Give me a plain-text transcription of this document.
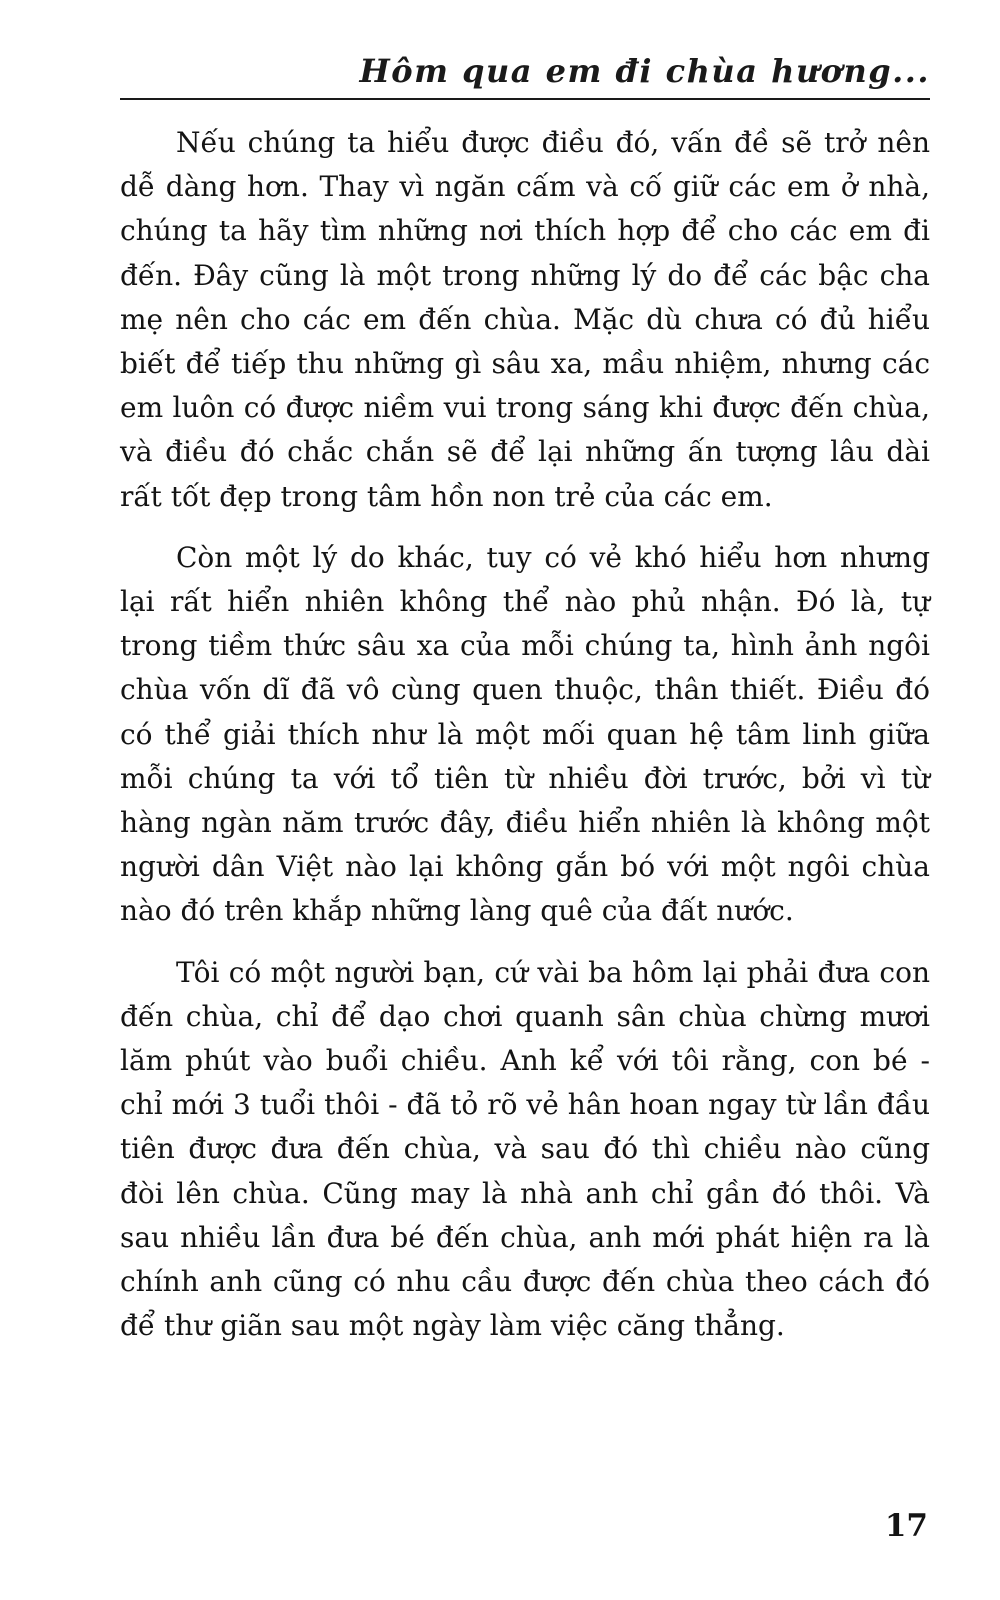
Hôm qua em đi chùa hương...

Nếu chúng ta hiểu được điều đó, vấn đề sẽ trở nên dễ dàng hơn. Thay vì ngăn cấm và cố giữ các em ở nhà, chúng ta hãy tìm những nơi thích hợp để cho các em đi đến. Đây cũng là một trong những lý do để các bậc cha mẹ nên cho các em đến chùa. Mặc dù chưa có đủ hiểu biết để tiếp thu những gì sâu xa, mầu nhiệm, nhưng các em luôn có được niềm vui trong sáng khi được đến chùa, và điều đó chắc chắn sẽ để lại những ấn tượng lâu dài rất tốt đẹp trong tâm hồn non trẻ của các em.

Còn một lý do khác, tuy có vẻ khó hiểu hơn nhưng lại rất hiển nhiên không thể nào phủ nhận. Đó là, tự trong tiềm thức sâu xa của mỗi chúng ta, hình ảnh ngôi chùa vốn dĩ đã vô cùng quen thuộc, thân thiết. Điều đó có thể giải thích như là một mối quan hệ tâm linh giữa mỗi chúng ta với tổ tiên từ nhiều đời trước, bởi vì từ hàng ngàn năm trước đây, điều hiển nhiên là không một người dân Việt nào lại không gắn bó với một ngôi chùa nào đó trên khắp những làng quê của đất nước.

Tôi có một người bạn, cứ vài ba hôm lại phải đưa con đến chùa, chỉ để dạo chơi quanh sân chùa chừng mươi lăm phút vào buổi chiều. Anh kể với tôi rằng, con bé - chỉ mới 3 tuổi thôi - đã tỏ rõ vẻ hân hoan ngay từ lần đầu tiên được đưa đến chùa, và sau đó thì chiều nào cũng đòi lên chùa. Cũng may là nhà anh chỉ gần đó thôi. Và sau nhiều lần đưa bé đến chùa, anh mới phát hiện ra là chính anh cũng có nhu cầu được đến chùa theo cách đó để thư giãn sau một ngày làm việc căng thẳng.

17
